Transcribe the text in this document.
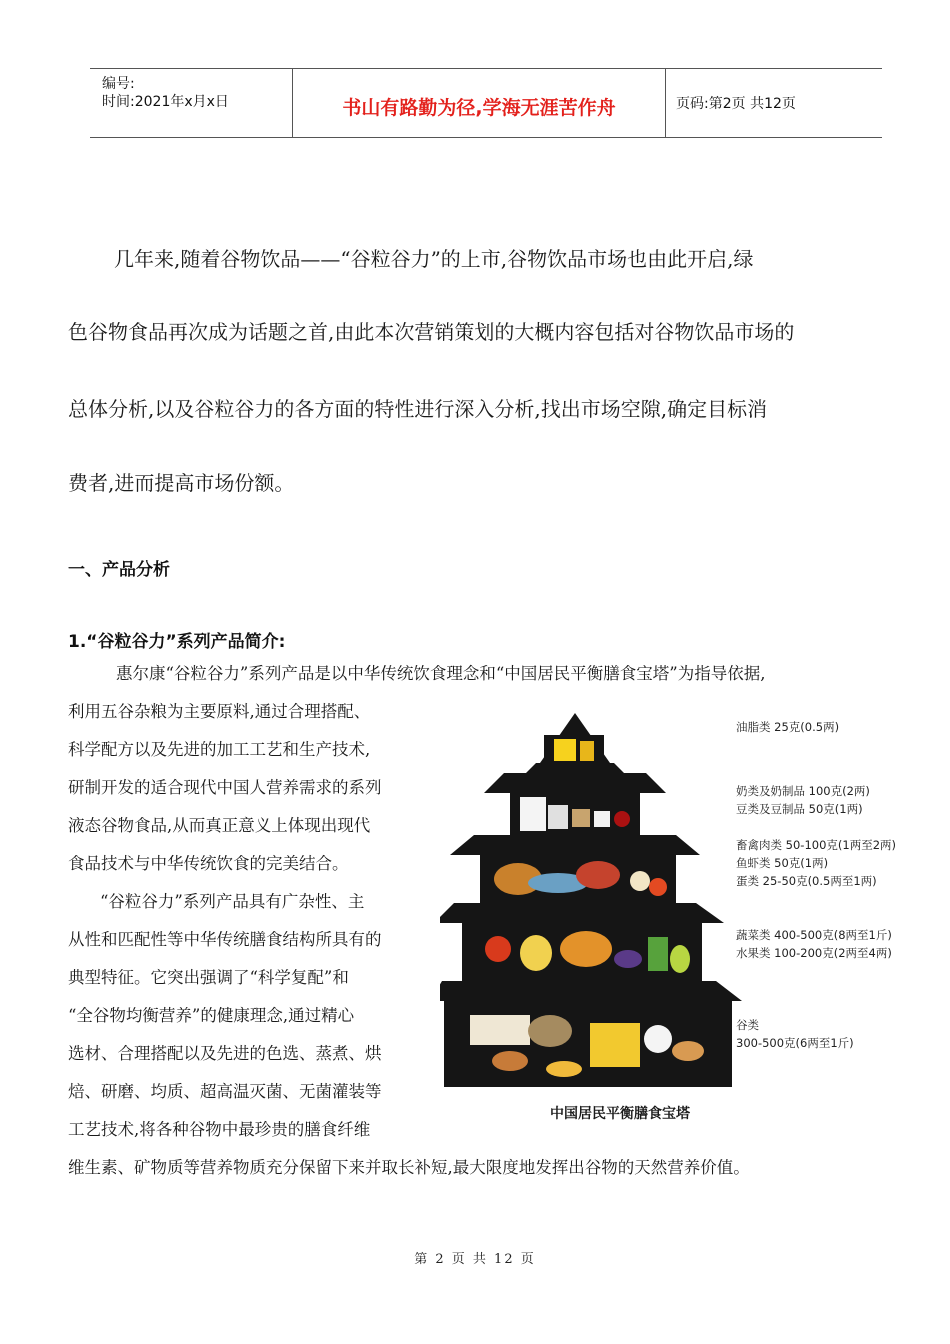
编号:
时间:2021年x月x日	书山有路勤为径,学海无涯苦作舟	页码:第2页 共12页
几年来,随着谷物饮品——“谷粒谷力”的上市,谷物饮品市场也由此开启,绿
色谷物食品再次成为话题之首,由此本次营销策划的大概内容包括对谷物饮品市场的
总体分析,以及谷粒谷力的各方面的特性进行深入分析,找出市场空隙,确定目标消
费者,进而提高市场份额。
一、产品分析
1.“谷粒谷力”系列产品简介:
惠尔康“谷粒谷力”系列产品是以中华传统饮食理念和“中国居民平衡膳食宝塔”为指导依据,
利用五谷杂粮为主要原料,通过合理搭配、
科学配方以及先进的加工工艺和生产技术,
研制开发的适合现代中国人营养需求的系列
液态谷物食品,从而真正意义上体现出现代
食品技术与中华传统饮食的完美结合。
“谷粒谷力”系列产品具有广杂性、主
从性和匹配性等中华传统膳食结构所具有的
典型特征。它突出强调了“科学复配”和
“全谷物均衡营养”的健康理念,通过精心
选材、合理搭配以及先进的色选、蒸煮、烘
焙、研磨、均质、超高温灭菌、无菌灌装等
工艺技术,将各种谷物中最珍贵的膳食纤维
维生素、矿物质等营养物质充分保留下来并取长补短,最大限度地发挥出谷物的天然营养价值。
中国居民平衡膳食宝塔
油脂类 25克(0.5两)
奶类及奶制品 100克(2两)
豆类及豆制品 50克(1两)
畜禽肉类 50-100克(1两至2两)
鱼虾类 50克(1两)
蛋类 25-50克(0.5两至1两)
蔬菜类 400-500克(8两至1斤)
水果类 100-200克(2两至4两)
谷类
300-500克(6两至1斤)
第 2 页 共 12 页
